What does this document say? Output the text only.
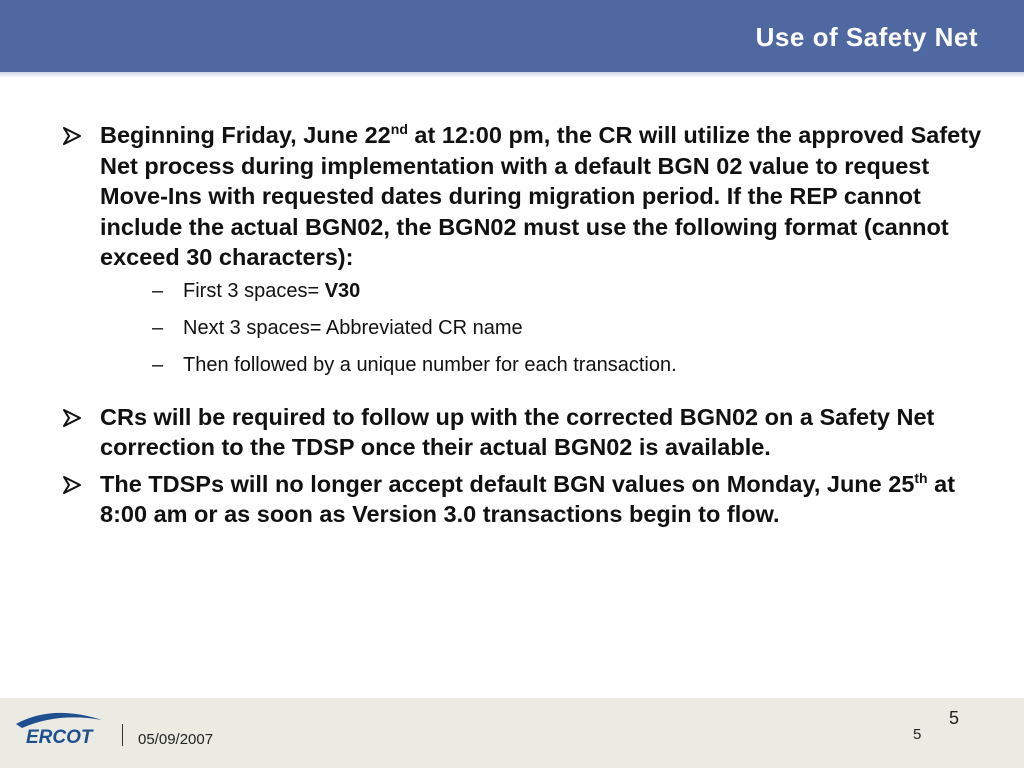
Use of Safety Net
Beginning Friday, June 22nd at 12:00 pm, the CR will utilize the approved Safety Net process during implementation with a default BGN 02 value to request Move-Ins with requested dates during migration period. If the REP cannot include the actual BGN02, the BGN02 must use the following format (cannot exceed 30 characters):
– First 3 spaces= V30
– Next 3 spaces= Abbreviated CR name
– Then followed by a unique number for each transaction.
CRs will be required to follow up with the corrected BGN02 on a Safety Net correction to the TDSP once their actual BGN02 is available.
The TDSPs will no longer accept default BGN values on Monday, June 25th at 8:00 am or as soon as Version 3.0 transactions begin to flow.
ERCOT	05/09/2007
5
5
